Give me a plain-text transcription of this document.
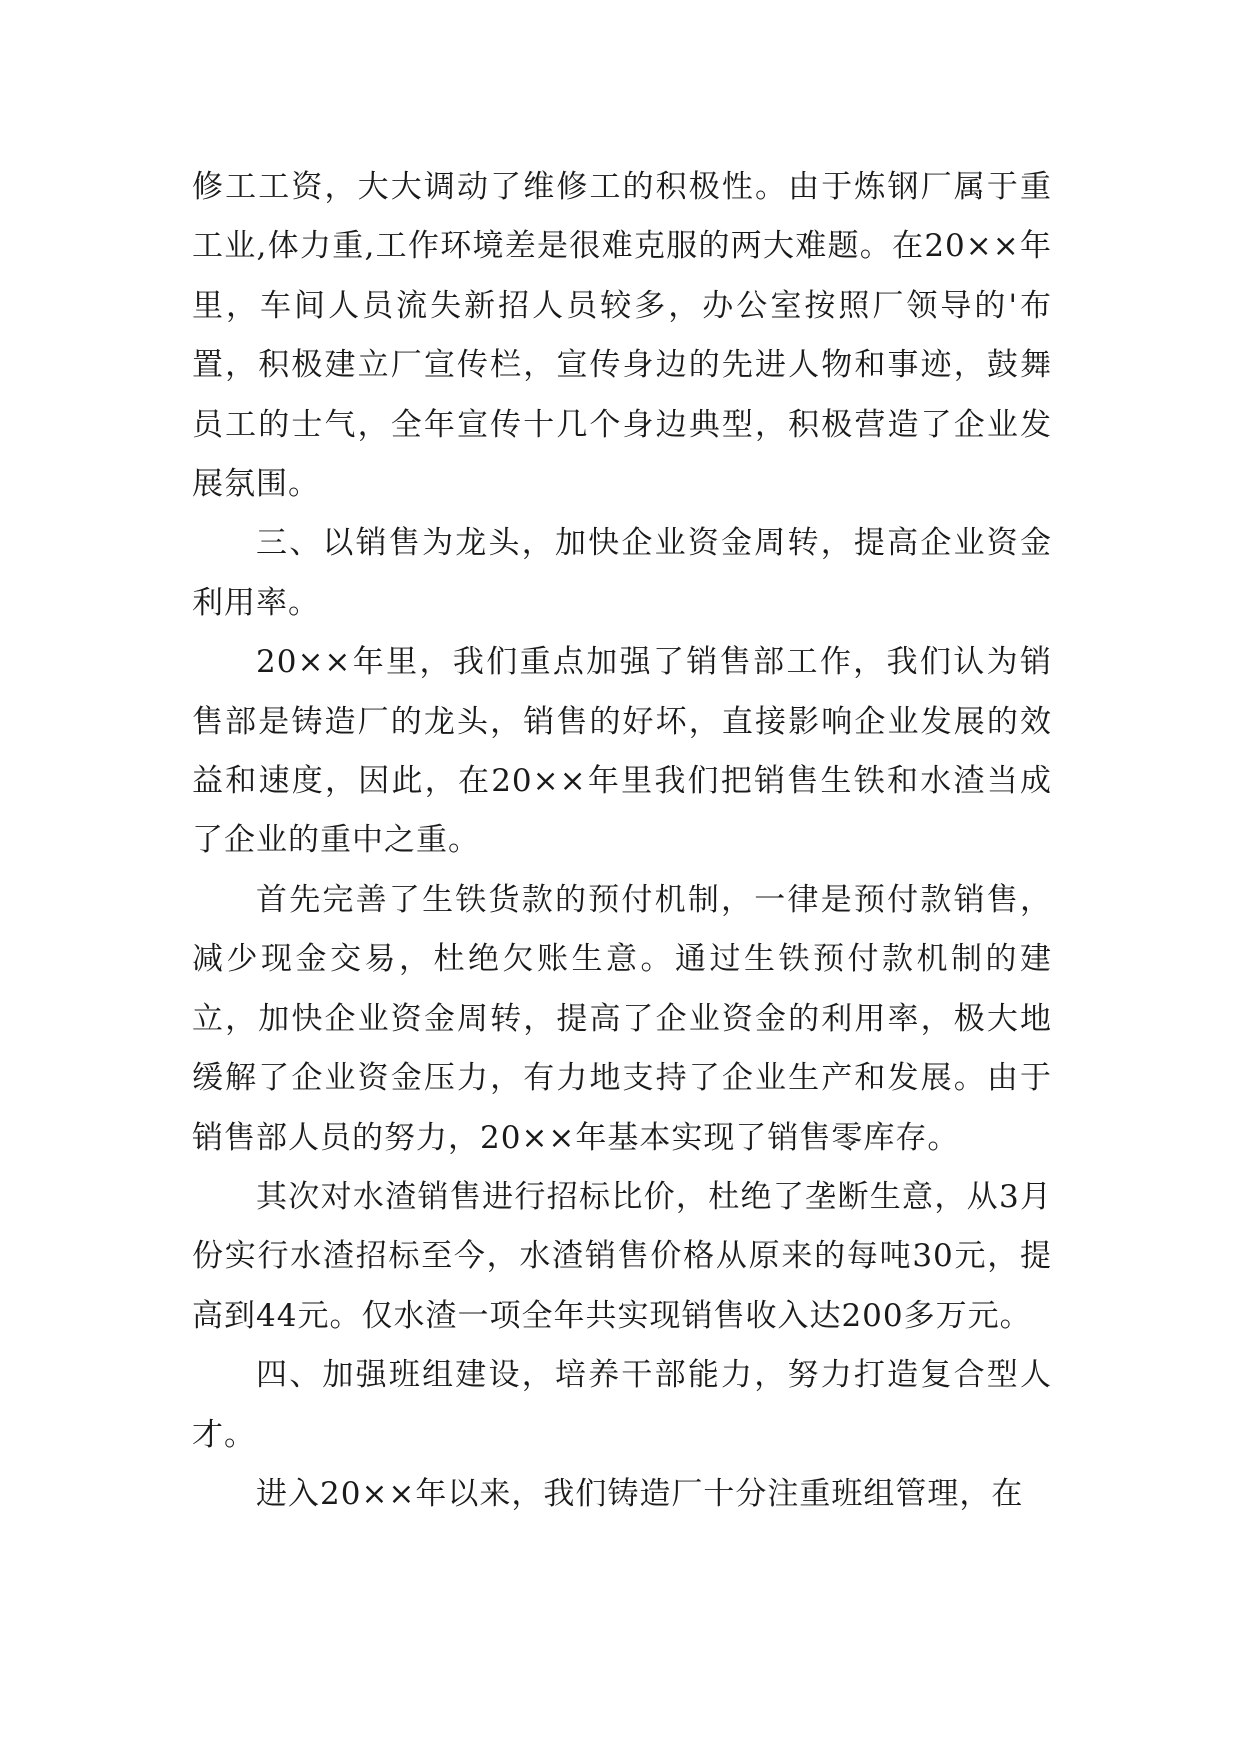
修工工资，大大调动了维修工的积极性。由于炼钢厂属于重工业,体力重,工作环境差是很难克服的两大难题。在20××年里，车间人员流失新招人员较多，办公室按照厂领导的'布置，积极建立厂宣传栏，宣传身边的先进人物和事迹，鼓舞员工的士气，全年宣传十几个身边典型，积极营造了企业发展氛围。

三、以销售为龙头，加快企业资金周转，提高企业资金利用率。

20××年里，我们重点加强了销售部工作，我们认为销售部是铸造厂的龙头，销售的好坏，直接影响企业发展的效益和速度，因此，在20××年里我们把销售生铁和水渣当成了企业的重中之重。

首先完善了生铁货款的预付机制，一律是预付款销售，减少现金交易，杜绝欠账生意。通过生铁预付款机制的建立，加快企业资金周转，提高了企业资金的利用率，极大地缓解了企业资金压力，有力地支持了企业生产和发展。由于销售部人员的努力，20××年基本实现了销售零库存。

其次对水渣销售进行招标比价，杜绝了垄断生意，从3月份实行水渣招标至今，水渣销售价格从原来的每吨30元，提高到44元。仅水渣一项全年共实现销售收入达200多万元。

四、加强班组建设，培养干部能力，努力打造复合型人才。

进入20××年以来，我们铸造厂十分注重班组管理，在
